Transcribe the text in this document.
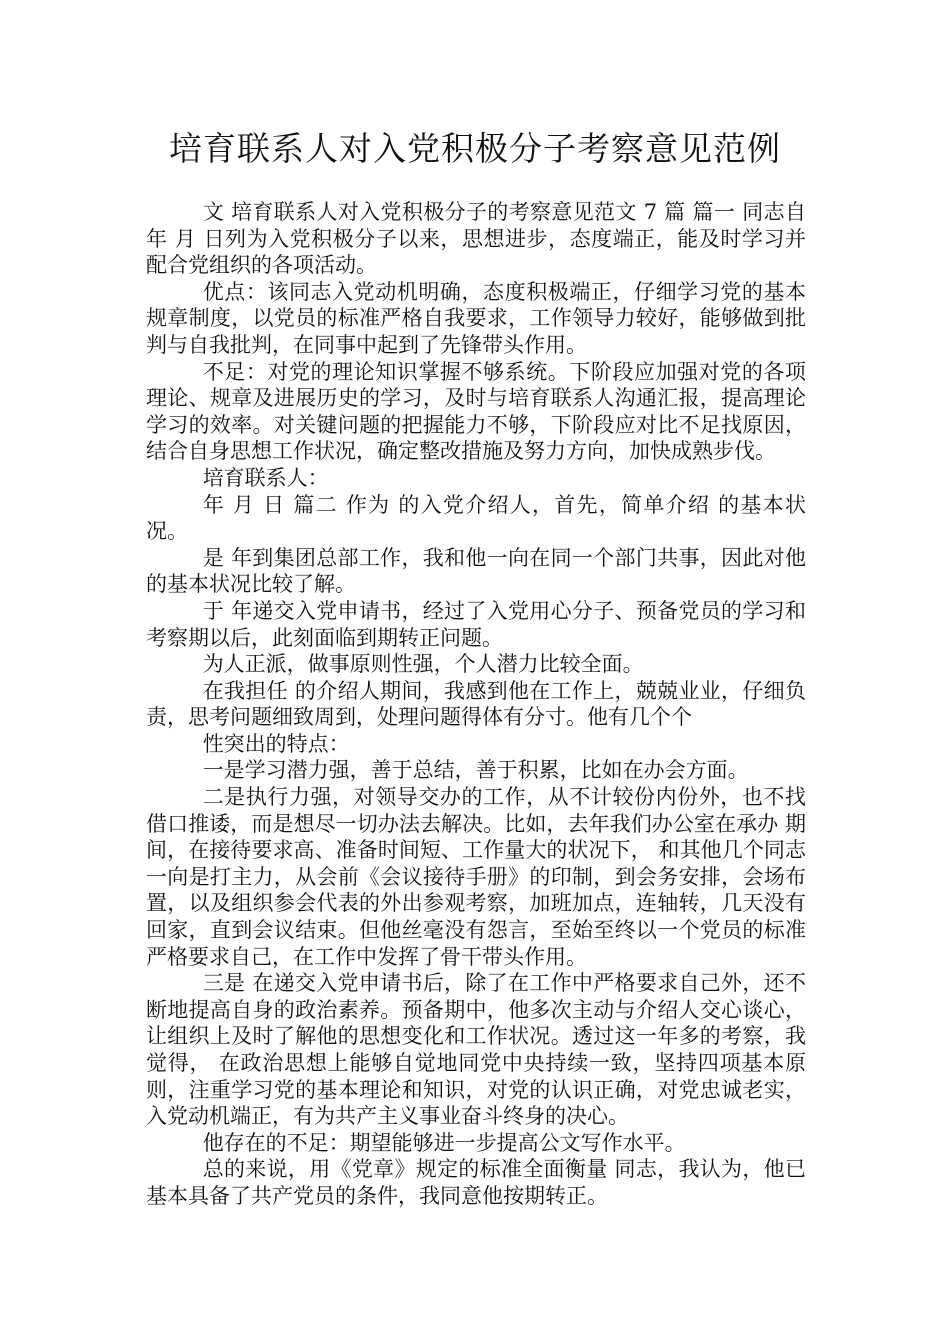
培育联系人对入党积极分子考察意见范例

文 培育联系人对入党积极分子的考察意见范文 7 篇 篇一 同志自 年 月 日列为入党积极分子以来，思想进步，态度端正，能及时学习并配合党组织的各项活动。

优点：该同志入党动机明确，态度积极端正，仔细学习党的基本规章制度，以党员的标准严格自我要求，工作领导力较好，能够做到批判与自我批判，在同事中起到了先锋带头作用。

不足：对党的理论知识掌握不够系统。下阶段应加强对党的各项理论、规章及进展历史的学习，及时与培育联系人沟通汇报，提高理论学习的效率。对关键问题的把握能力不够，下阶段应对比不足找原因，结合自身思想工作状况，确定整改措施及努力方向，加快成熟步伐。

培育联系人：

年 月 日 篇二 作为 的入党介绍人，首先，简单介绍 的基本状况。

是 年到集团总部工作，我和他一向在同一个部门共事，因此对他的基本状况比较了解。

于 年递交入党申请书，经过了入党用心分子、预备党员的学习和考察期以后，此刻面临到期转正问题。

为人正派，做事原则性强，个人潜力比较全面。

在我担任 的介绍人期间，我感到他在工作上，兢兢业业，仔细负责，思考问题细致周到，处理问题得体有分寸。他有几个个

性突出的特点：

一是学习潜力强，善于总结，善于积累，比如在办会方面。

二是执行力强，对领导交办的工作，从不计较份内份外，也不找借口推诿，而是想尽一切办法去解决。比如，去年我们办公室在承办 期间，在接待要求高、准备时间短、工作量大的状况下， 和其他几个同志一向是打主力，从会前《会议接待手册》的印制，到会务安排，会场布置，以及组织参会代表的外出参观考察，加班加点，连轴转，几天没有回家，直到会议结束。但他丝毫没有怨言，至始至终以一个党员的标准严格要求自己，在工作中发挥了骨干带头作用。

三是 在递交入党申请书后，除了在工作中严格要求自己外，还不断地提高自身的政治素养。预备期中，他多次主动与介绍人交心谈心，让组织上及时了解他的思想变化和工作状况。透过这一年多的考察，我觉得， 在政治思想上能够自觉地同党中央持续一致，坚持四项基本原则，注重学习党的基本理论和知识，对党的认识正确，对党忠诚老实，入党动机端正，有为共产主义事业奋斗终身的决心。

他存在的不足：期望能够进一步提高公文写作水平。

总的来说，用《党章》规定的标准全面衡量 同志，我认为，他已基本具备了共产党员的条件，我同意他按期转正。
